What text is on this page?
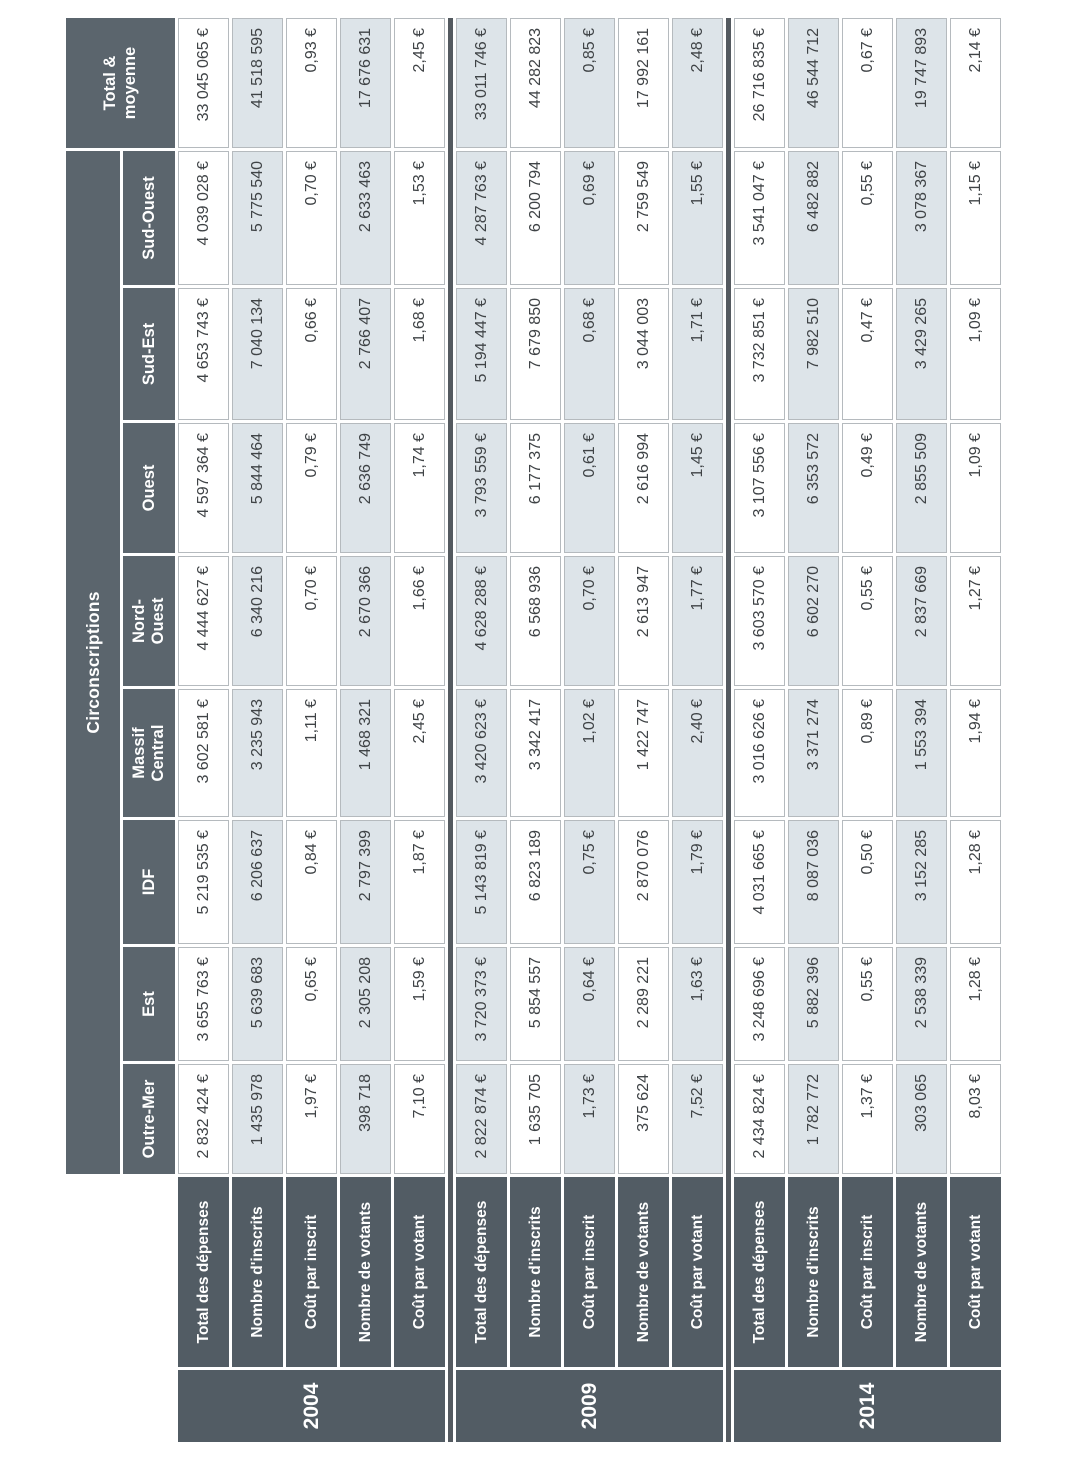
		Circonscriptions								Total & moyenne
		Outre-Mer	Est	IDF	Massif Central	Nord-Ouest	Ouest	Sud-Est	Sud-Ouest	
2004	Total des dépenses	2 832 424 €	3 655 763 €	5 219 535 €	3 602 581 €	4 444 627 €	4 597 364 €	4 653 743 €	4 039 028 €	33 045 065 €
	Nombre d'inscrits	1 435 978	5 639 683	6 206 637	3 235 943	6 340 216	5 844 464	7 040 134	5 775 540	41 518 595
	Coût par inscrit	1,97 €	0,65 €	0,84 €	1,11 €	0,70 €	0,79 €	0,66 €	0,70 €	0,93 €
	Nombre de votants	398 718	2 305 208	2 797 399	1 468 321	2 670 366	2 636 749	2 766 407	2 633 463	17 676 631
	Coût par votant	7,10 €	1,59 €	1,87 €	2,45 €	1,66 €	1,74 €	1,68 €	1,53 €	2,45 €

2009	Total des dépenses	2 822 874 €	3 720 373 €	5 143 819 €	3 420 623 €	4 628 288 €	3 793 559 €	5 194 447 €	4 287 763 €	33 011 746 €
	Nombre d'inscrits	1 635 705	5 854 557	6 823 189	3 342 417	6 568 936	6 177 375	7 679 850	6 200 794	44 282 823
	Coût par inscrit	1,73 €	0,64 €	0,75 €	1,02 €	0,70 €	0,61 €	0,68 €	0,69 €	0,85 €
	Nombre de votants	375 624	2 289 221	2 870 076	1 422 747	2 613 947	2 616 994	3 044 003	2 759 549	17 992 161
	Coût par votant	7,52 €	1,63 €	1,79 €	2,40 €	1,77 €	1,45 €	1,71 €	1,55 €	2,48 €

2014	Total des dépenses	2 434 824 €	3 248 696 €	4 031 665 €	3 016 626 €	3 603 570 €	3 107 556 €	3 732 851 €	3 541 047 €	26 716 835 €
	Nombre d'inscrits	1 782 772	5 882 396	8 087 036	3 371 274	6 602 270	6 353 572	7 982 510	6 482 882	46 544 712
	Coût par inscrit	1,37 €	0,55 €	0,50 €	0,89 €	0,55 €	0,49 €	0,47 €	0,55 €	0,67 €
	Nombre de votants	303 065	2 538 339	3 152 285	1 553 394	2 837 669	2 855 509	3 429 265	3 078 367	19 747 893
	Coût par votant	8,03 €	1,28 €	1,28 €	1,94 €	1,27 €	1,09 €	1,09 €	1,15 €	2,14 €
